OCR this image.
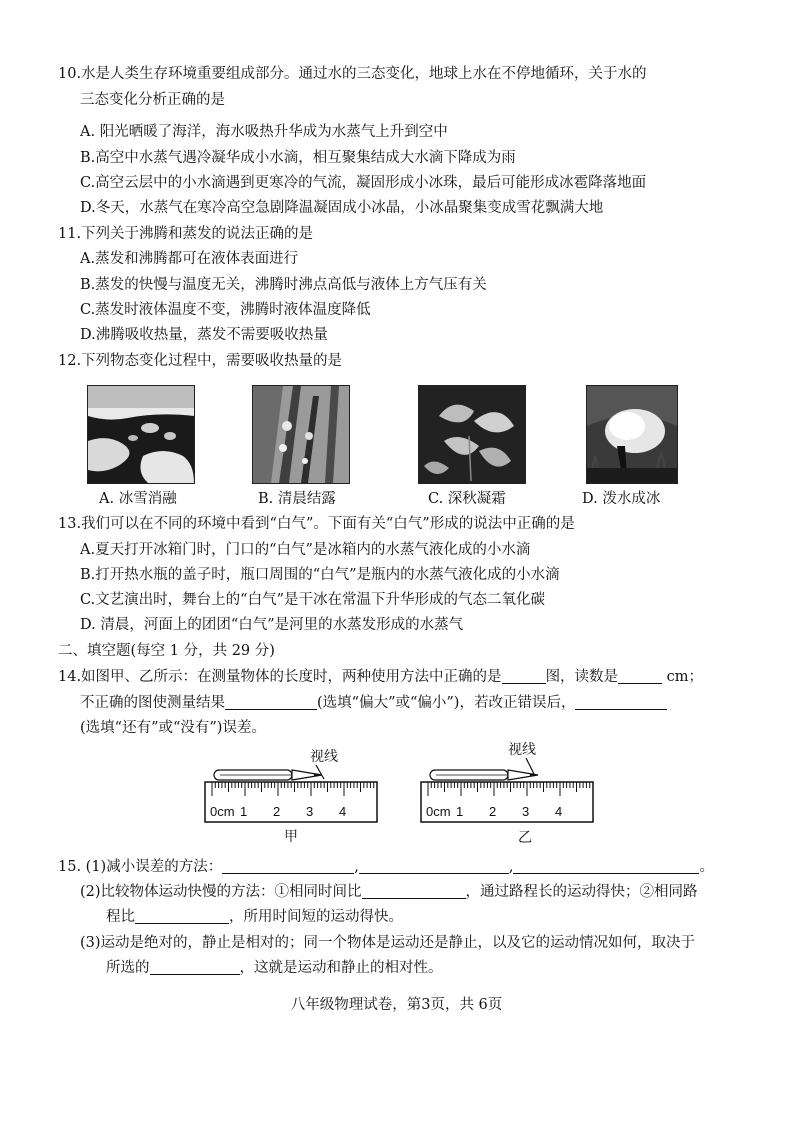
10.水是人类生存环境重要组成部分。通过水的三态变化，地球上水在不停地循环，关于水的
三态变化分析正确的是
A. 阳光晒暖了海洋，海水吸热升华成为水蒸气上升到空中
B.高空中水蒸气遇冷凝华成小水滴，相互聚集结成大水滴下降成为雨
C.高空云层中的小水滴遇到更寒冷的气流，凝固形成小冰珠，最后可能形成冰雹降落地面
D.冬天，水蒸气在寒冷高空急剧降温凝固成小冰晶，小冰晶聚集变成雪花飘满大地
11.下列关于沸腾和蒸发的说法正确的是
A.蒸发和沸腾都可在液体表面进行
B.蒸发的快慢与温度无关，沸腾时沸点高低与液体上方气压有关
C.蒸发时液体温度不变，沸腾时液体温度降低
D.沸腾吸收热量，蒸发不需要吸收热量
12.下列物态变化过程中，需要吸收热量的是
A. 冰雪消融	B. 清晨结露	C. 深秋凝霜	D. 泼水成冰
13.我们可以在不同的环境中看到“白气”。下面有关“白气”形成的说法中正确的是
A.夏天打开冰箱门时，门口的“白气”是冰箱内的水蒸气液化成的小水滴
B.打开热水瓶的盖子时，瓶口周围的“白气”是瓶内的水蒸气液化成的小水滴
C.文艺演出时，舞台上的“白气”是干冰在常温下升华形成的气态二氧化碳
D. 清晨，河面上的团团“白气”是河里的水蒸发形成的水蒸气
二、填空题(每空 1 分，共 29 分)
14.如图甲、乙所示：在测量物体的长度时，两种使用方法中正确的是	图，读数是	cm；
不正确的图使测量结果	(选填“偏大”或“偏小”)，若改正错误后，
(选填“还有”或“没有”)误差。
视线
0cm 1 2 3 4
甲
视线
0cm 1 2 3 4
乙
15. (1)减小误差的方法：	,	,	。
(2)比较物体运动快慢的方法：①相同时间比	，通过路程长的运动得快；②相同路
程比	，所用时间短的运动得快。
(3)运动是绝对的，静止是相对的；同一个物体是运动还是静止，以及它的运动情况如何，取决于
所选的	，这就是运动和静止的相对性。
八年级物理试卷，第3页，共 6页
